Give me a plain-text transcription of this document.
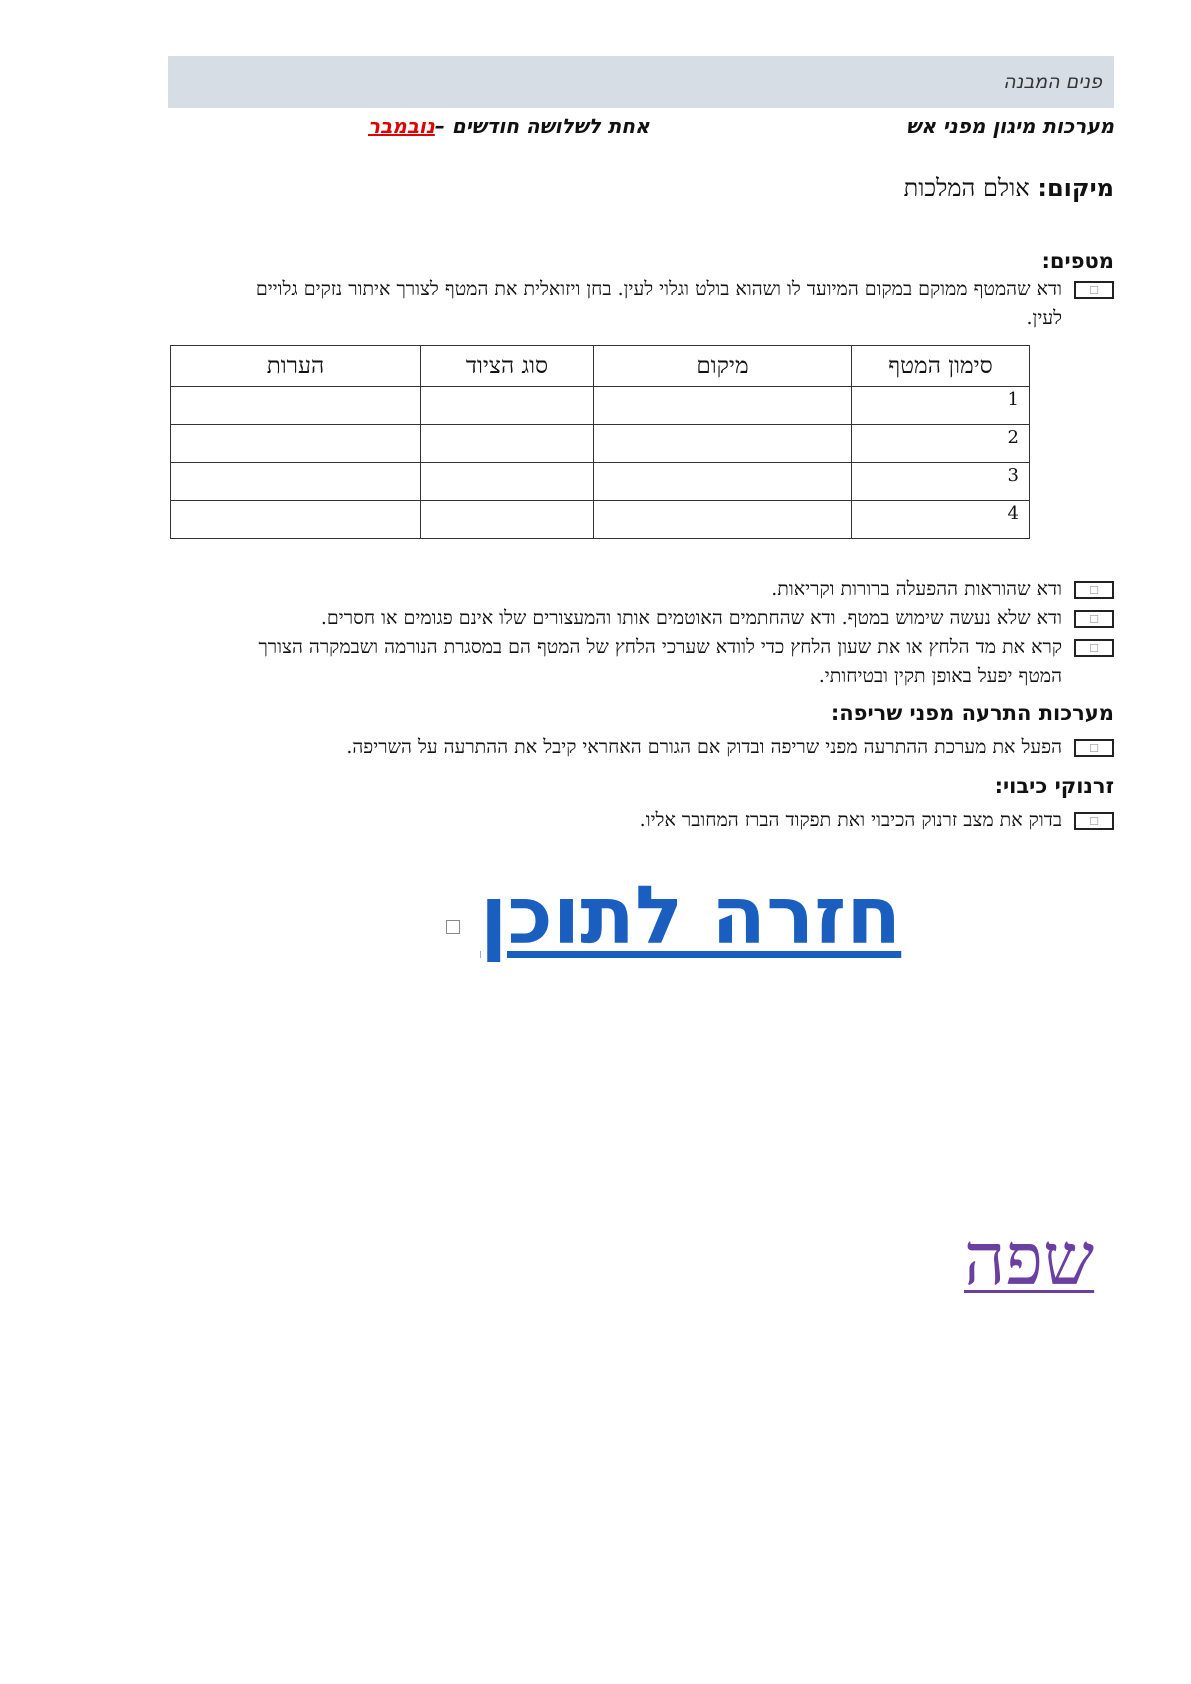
פנים המבנה
מערכות מיגון מפני אש
אחת לשלושה חודשים –נובמבר
מיקום: אולם המלכות
מטפים:
☐
ודא שהמטף ממוקם במקום המיועד לו ושהוא בולט וגלוי לעין. בחן ויזואלית את המטף לצורך איתור נזקים גלויים לעין.
סימון המטף	מיקום	סוג הציוד	הערות
1			
2			
3			
4			
☐
ודא שהוראות ההפעלה ברורות וקריאות.
☐
ודא שלא נעשה שימוש במטף. ודא שהחתמים האוטמים אותו והמעצורים שלו אינם פגומים או חסרים.
☐
קרא את מד הלחץ או את שעון הלחץ כדי לוודא שערכי הלחץ של המטף הם במסגרת הנורמה ושבמקרה הצורך המטף יפעל באופן תקין ובטיחותי.
מערכות התרעה מפני שריפה:
☐
הפעל את מערכת ההתרעה מפני שריפה ובדוק אם הגורם האחראי קיבל את ההתרעה על השריפה.
זרנוקי כיבוי:
☐
בדוק את מצב זרנוק הכיבוי ואת תפקוד הברז המחובר אליו.
חזרה לתוכן
שפה
